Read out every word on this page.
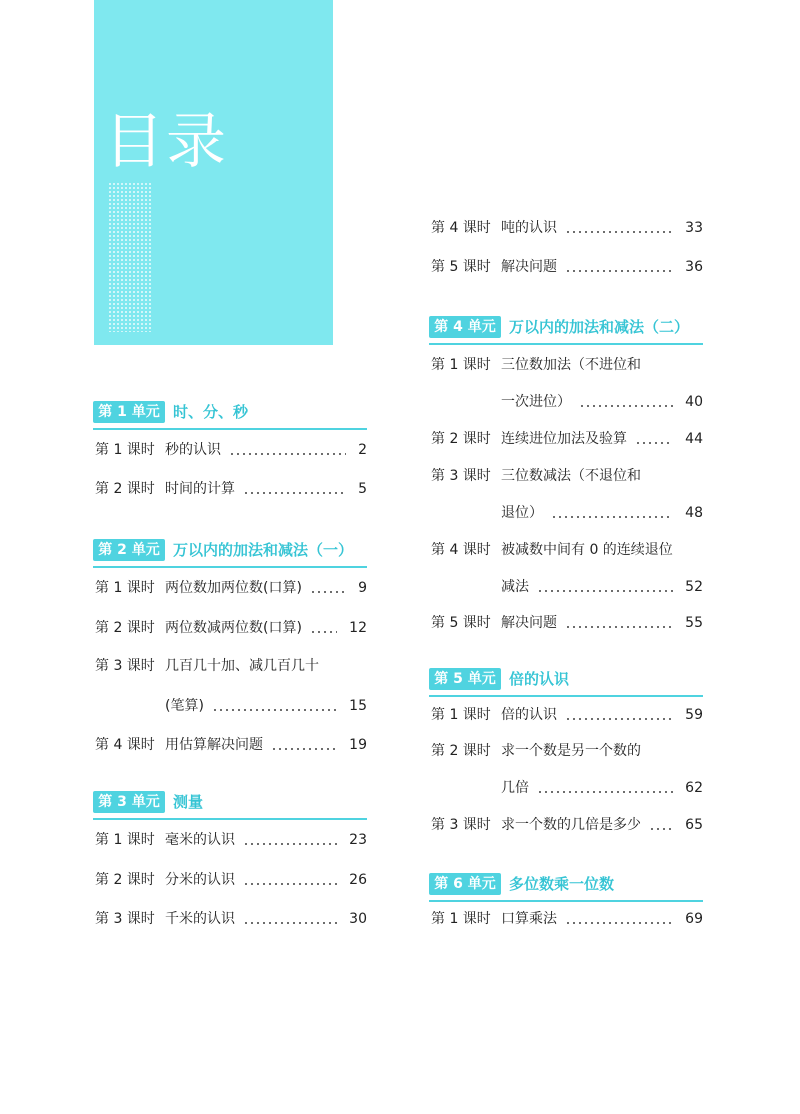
目录
第 1 单元 时、分、秒
第 1 课时 秒的认识	2
第 2 课时 时间的计算	5
第 2 单元 万以内的加法和减法（一）
第 1 课时 两位数加两位数(口算)	9
第 2 课时 两位数减两位数(口算)	12
第 3 课时 几百几十加、减几百几十
(笔算)	15
第 4 课时 用估算解决问题	19
第 3 单元 测量
第 1 课时 毫米的认识	23
第 2 课时 分米的认识	26
第 3 课时 千米的认识	30
第 4 课时 吨的认识	33
第 5 课时 解决问题	36
第 4 单元 万以内的加法和减法（二）
第 1 课时 三位数加法（不进位和
一次进位）	40
第 2 课时 连续进位加法及验算	44
第 3 课时 三位数减法（不退位和
退位）	48
第 4 课时 被减数中间有 0 的连续退位
减法	52
第 5 课时 解决问题	55
第 5 单元 倍的认识
第 1 课时 倍的认识	59
第 2 课时 求一个数是另一个数的
几倍	62
第 3 课时 求一个数的几倍是多少	65
第 6 单元 多位数乘一位数
第 1 课时 口算乘法	69
